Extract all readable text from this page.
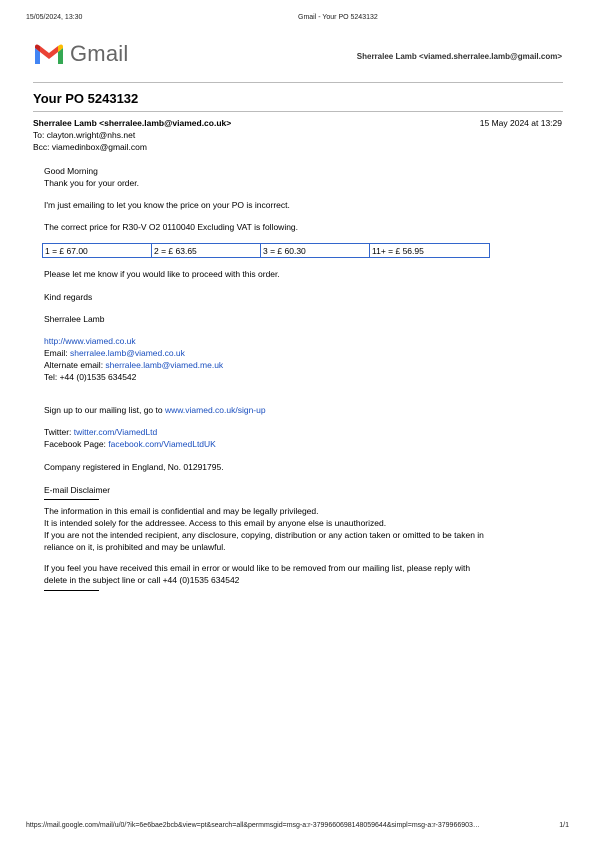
15/05/2024, 13:30	Gmail - Your PO 5243132
Gmail	Sherralee Lamb <viamed.sherralee.lamb@gmail.com>
Your PO 5243132
Sherralee Lamb <sherralee.lamb@viamed.co.uk>	15 May 2024 at 13:29
To: clayton.wright@nhs.net
Bcc: viamedinbox@gmail.com
Good Morning
Thank you for your order.
I'm just emailing to let you know the price on your PO is incorrect.
The correct price for R30-V O2 0110040 Excluding VAT is following.
1 = £ 67.00	2 = £ 63.65	3 = £ 60.30	11+ = £ 56.95
Please let me know if you would like to proceed with this order.
Kind regards
Sherralee Lamb
http://www.viamed.co.uk
Email: sherralee.lamb@viamed.co.uk
Alternate email: sherralee.lamb@viamed.me.uk
Tel: +44 (0)1535 634542
Sign up to our mailing list, go to www.viamed.co.uk/sign-up
Twitter: twitter.com/ViamedLtd
Facebook Page: facebook.com/ViamedLtdUK
Company registered in England, No. 01291795.
E-mail Disclaimer
The information in this email is confidential and may be legally privileged.
It is intended solely for the addressee. Access to this email by anyone else is unauthorized.
If you are not the intended recipient, any disclosure, copying, distribution or any action taken or omitted to be taken in
reliance on it, is prohibited and may be unlawful.
If you feel you have received this email in error or would like to be removed from our mailing list, please reply with
delete in the subject line or call +44 (0)1535 634542
https://mail.google.com/mail/u/0/?ik=6e6bae2bcb&view=pt&search=all&permmsgid=msg-a:r-3799660698148059644&simpl=msg-a:r-379966903…	1/1
